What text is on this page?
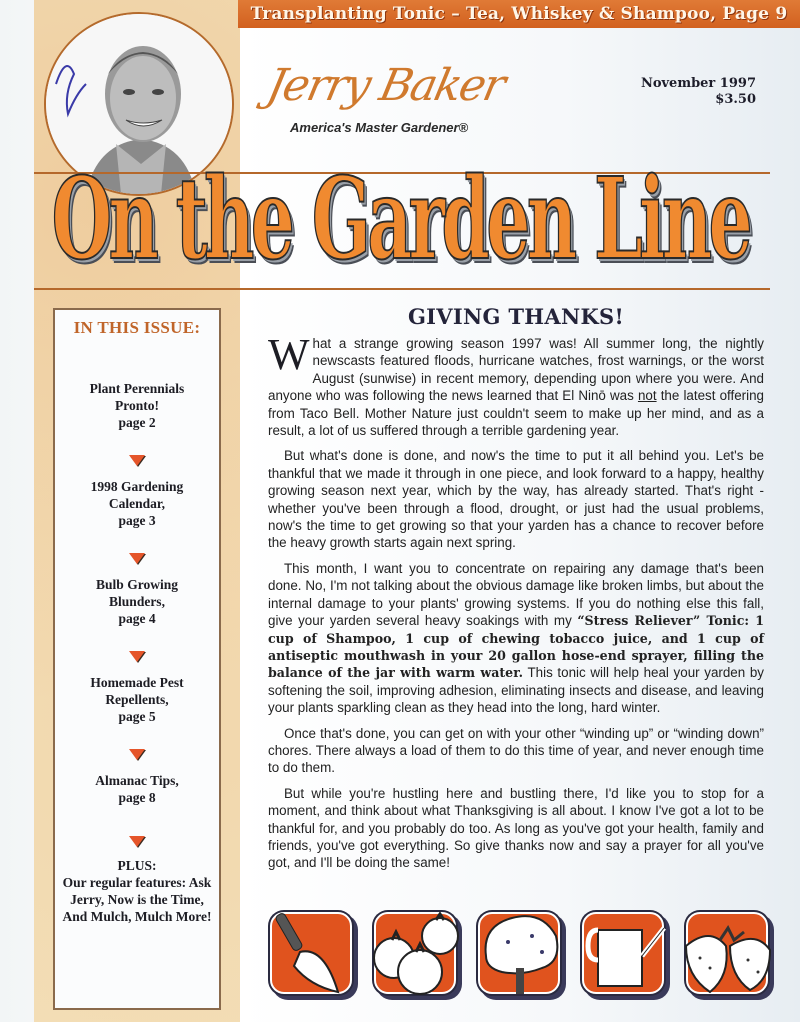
Transplanting Tonic – Tea, Whiskey & Shampoo, Page 9
Jerry Baker
America's Master Gardener®
November 1997
$3.50
On the Garden Line
IN THIS ISSUE:
Plant Perennials Pronto!
page 2
1998 Gardening Calendar,
page 3
Bulb Growing Blunders,
page 4
Homemade Pest Repellents,
page 5
Almanac Tips,
page 8
PLUS:
Our regular features: Ask Jerry, Now is the Time, And Mulch, Mulch More!
GIVING THANKS!

What a strange growing season 1997 was! All summer long, the nightly newscasts featured floods, hurricane watches, frost warnings, or the worst August (sunwise) in recent memory, depending upon where you were. And anyone who was following the news learned that El Ninō was not the latest offering from Taco Bell. Mother Nature just couldn't seem to make up her mind, and as a result, a lot of us suffered through a terrible gardening year.

But what's done is done, and now's the time to put it all behind you. Let's be thankful that we made it through in one piece, and look forward to a happy, healthy growing season next year, which by the way, has already started. That's right - whether you've been through a flood, drought, or just had the usual problems, now's the time to get growing so that your yarden has a chance to recover before the heavy growth starts again next spring.

This month, I want you to concentrate on repairing any damage that's been done. No, I'm not talking about the obvious damage like broken limbs, but about the internal damage to your plants' growing systems. If you do nothing else this fall, give your yarden several heavy soakings with my “Stress Reliever” Tonic: 1 cup of Shampoo, 1 cup of chewing tobacco juice, and 1 cup of antiseptic mouthwash in your 20 gallon hose-end sprayer, filling the balance of the jar with warm water. This tonic will help heal your yarden by softening the soil, improving adhesion, eliminating insects and disease, and leaving your plants sparkling clean as they head into the long, hard winter.

Once that's done, you can get on with your other “winding up” or “winding down” chores. There always a load of them to do this time of year, and never enough time to do them.

But while you're hustling here and bustling there, I'd like you to stop for a moment, and think about what Thanksgiving is all about. I know I've got a lot to be thankful for, and you probably do too. As long as you've got your health, family and friends, you've got everything. So give thanks now and say a prayer for all you've got, and I'll be doing the same!
